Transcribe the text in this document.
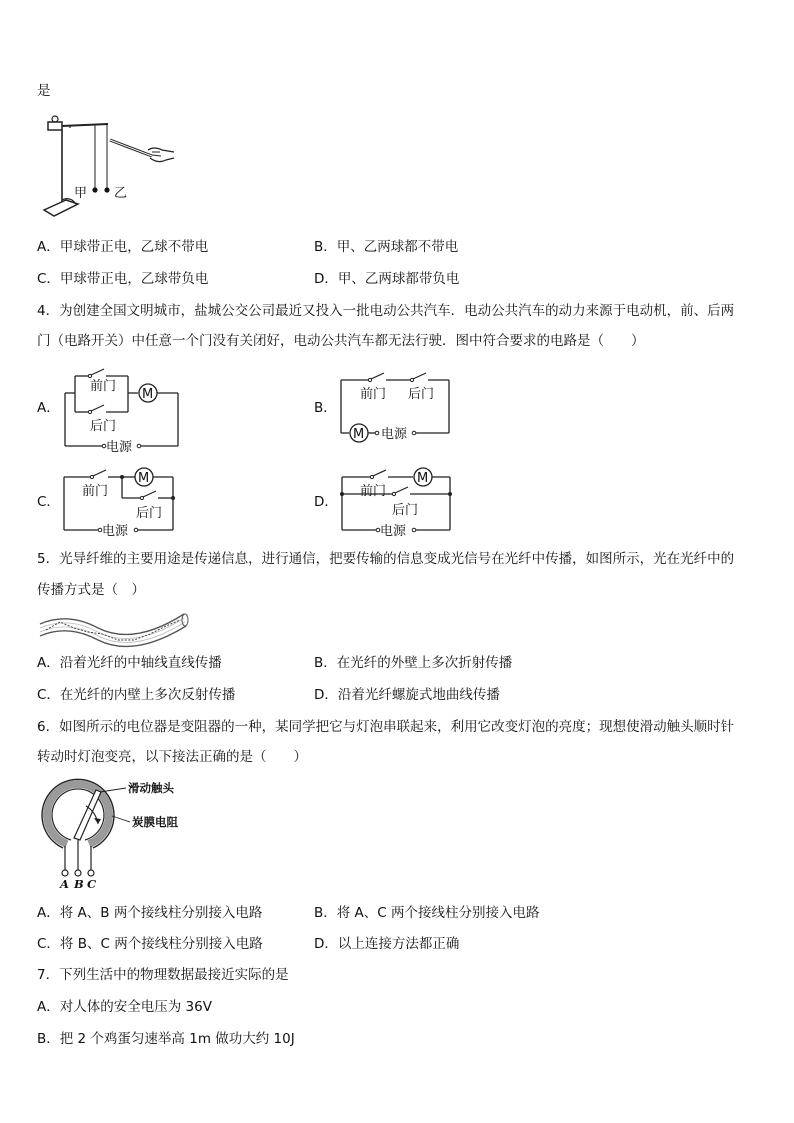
是
甲 乙
A．甲球带正电，乙球不带电	B．甲、乙两球都不带电
C．甲球带正电，乙球带负电	D．甲、乙两球都带负电
4．为创建全国文明城市，盐城公交公司最近又投入一批电动公共汽车．电动公共汽车的动力来源于电动机，前、后两
门（电路开关）中任意一个门没有关闭好，电动公共汽车都无法行驶．图中符合要求的电路是（　　）
A．	B．
C．	D．
M
前门
后门
电源
M
前门 后门
电源
M
前门
后门
电源
M
前门
后门
电源
5．光导纤维的主要用途是传递信息，进行通信，把要传输的信息变成光信号在光纤中传播，如图所示，光在光纤中的
传播方式是（　）
A．沿着光纤的中轴线直线传播	B．在光纤的外壁上多次折射传播
C．在光纤的内壁上多次反射传播	D．沿着光纤螺旋式地曲线传播
6．如图所示的电位器是变阻器的一种，某同学把它与灯泡串联起来，利用它改变灯泡的亮度；现想使滑动触头顺时针
转动时灯泡变亮，以下接法正确的是（　　）
滑动触头
炭膜电阻
A B C
A．将 A、B 两个接线柱分别接入电路	B．将 A、C 两个接线柱分别接入电路
C．将 B、C 两个接线柱分别接入电路	D．以上连接方法都正确
7．下列生活中的物理数据最接近实际的是
A．对人体的安全电压为 36V
B．把 2 个鸡蛋匀速举高 1m 做功大约 10J
